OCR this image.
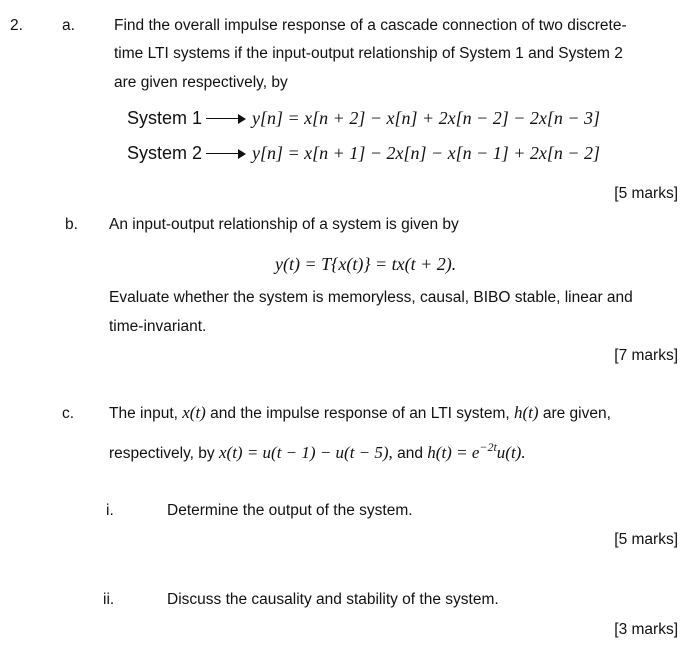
2.	a.	Find the overall impulse response of a cascade connection of two discrete-
time LTI systems if the input-output relationship of System 1 and System 2
are given respectively, by
System 1	y[n] = x[n + 2] − x[n] + 2x[n − 2] − 2x[n − 3]
System 2	y[n] = x[n + 1] − 2x[n] − x[n − 1] + 2x[n − 2]
[5 marks]
b. An input-output relationship of a system is given by
y(t) = T{x(t)} = tx(t + 2).
Evaluate whether the system is memoryless, causal, BIBO stable, linear and
time-invariant.
[7 marks]
c. The input, x(t) and the impulse response of an LTI system, h(t) are given,
respectively, by x(t) = u(t − 1) − u(t − 5), and $h(t) = e^{-2t}u(t)$.
i.	Determine the output of the system.
[5 marks]
ii.	Discuss the causality and stability of the system.
[3 marks]
